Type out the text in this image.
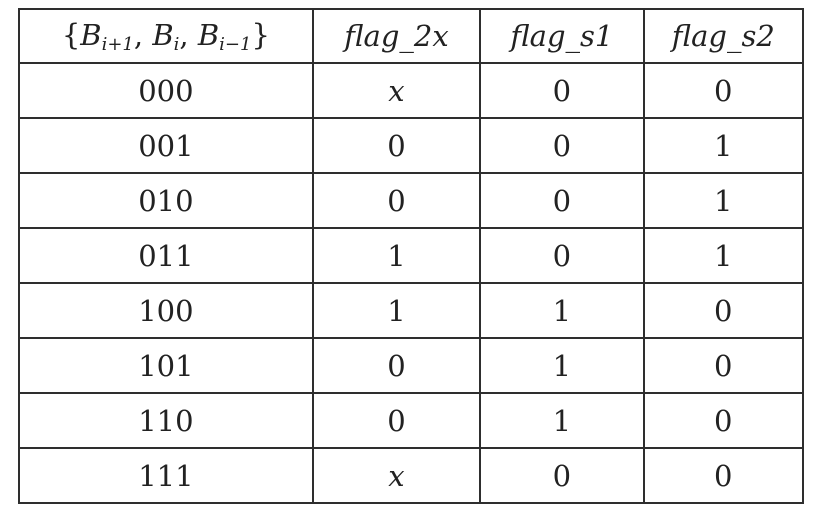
{$B_{i+1}$, $B_i$, $B_{i-1}$}	flag_2x	flag_s1	flag_s2
000	x	0	0
001	0	0	1
010	0	0	1
011	1	0	1
100	1	1	0
101	0	1	0
110	0	1	0
111	x	0	0
